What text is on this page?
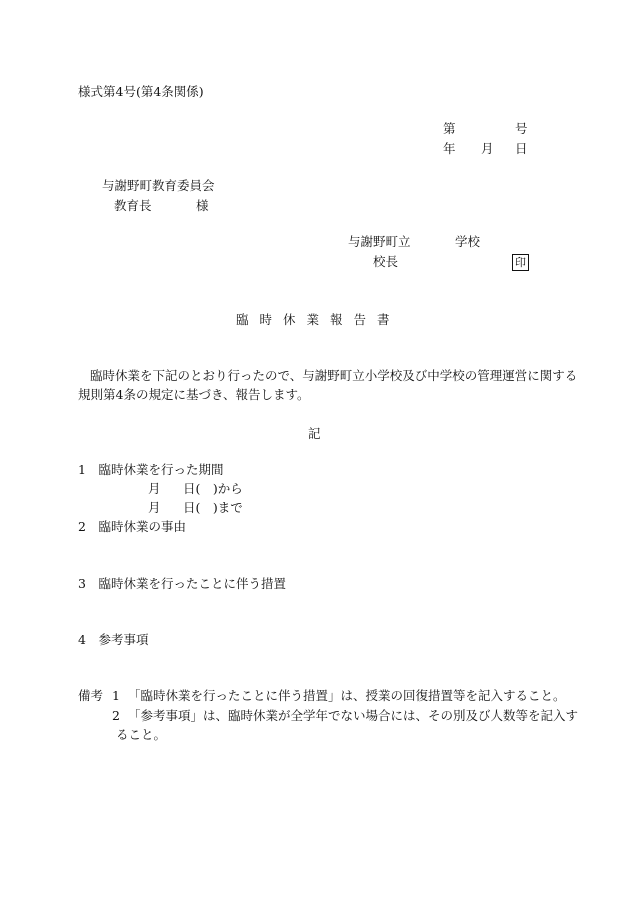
様式第4号(第4条関係)
第	号
年 月 日
与謝野町教育委員会
教育長	様
与謝野町立	学校
校長	印
臨時休業報告書
臨時休業を下記のとおり行ったので、与謝野町立小学校及び中学校の管理運営に関する
規則第4条の規定に基づき、報告します。
記
1　臨時休業を行った期間
月 日(　)から
月 日(　)まで
2　臨時休業の事由
3　臨時休業を行ったことに伴う措置
4　参考事項
備考 1 「臨時休業を行ったことに伴う措置」は、授業の回復措置等を記入すること。
2 「参考事項」は、臨時休業が全学年でない場合には、その別及び人数等を記入す
ること。
